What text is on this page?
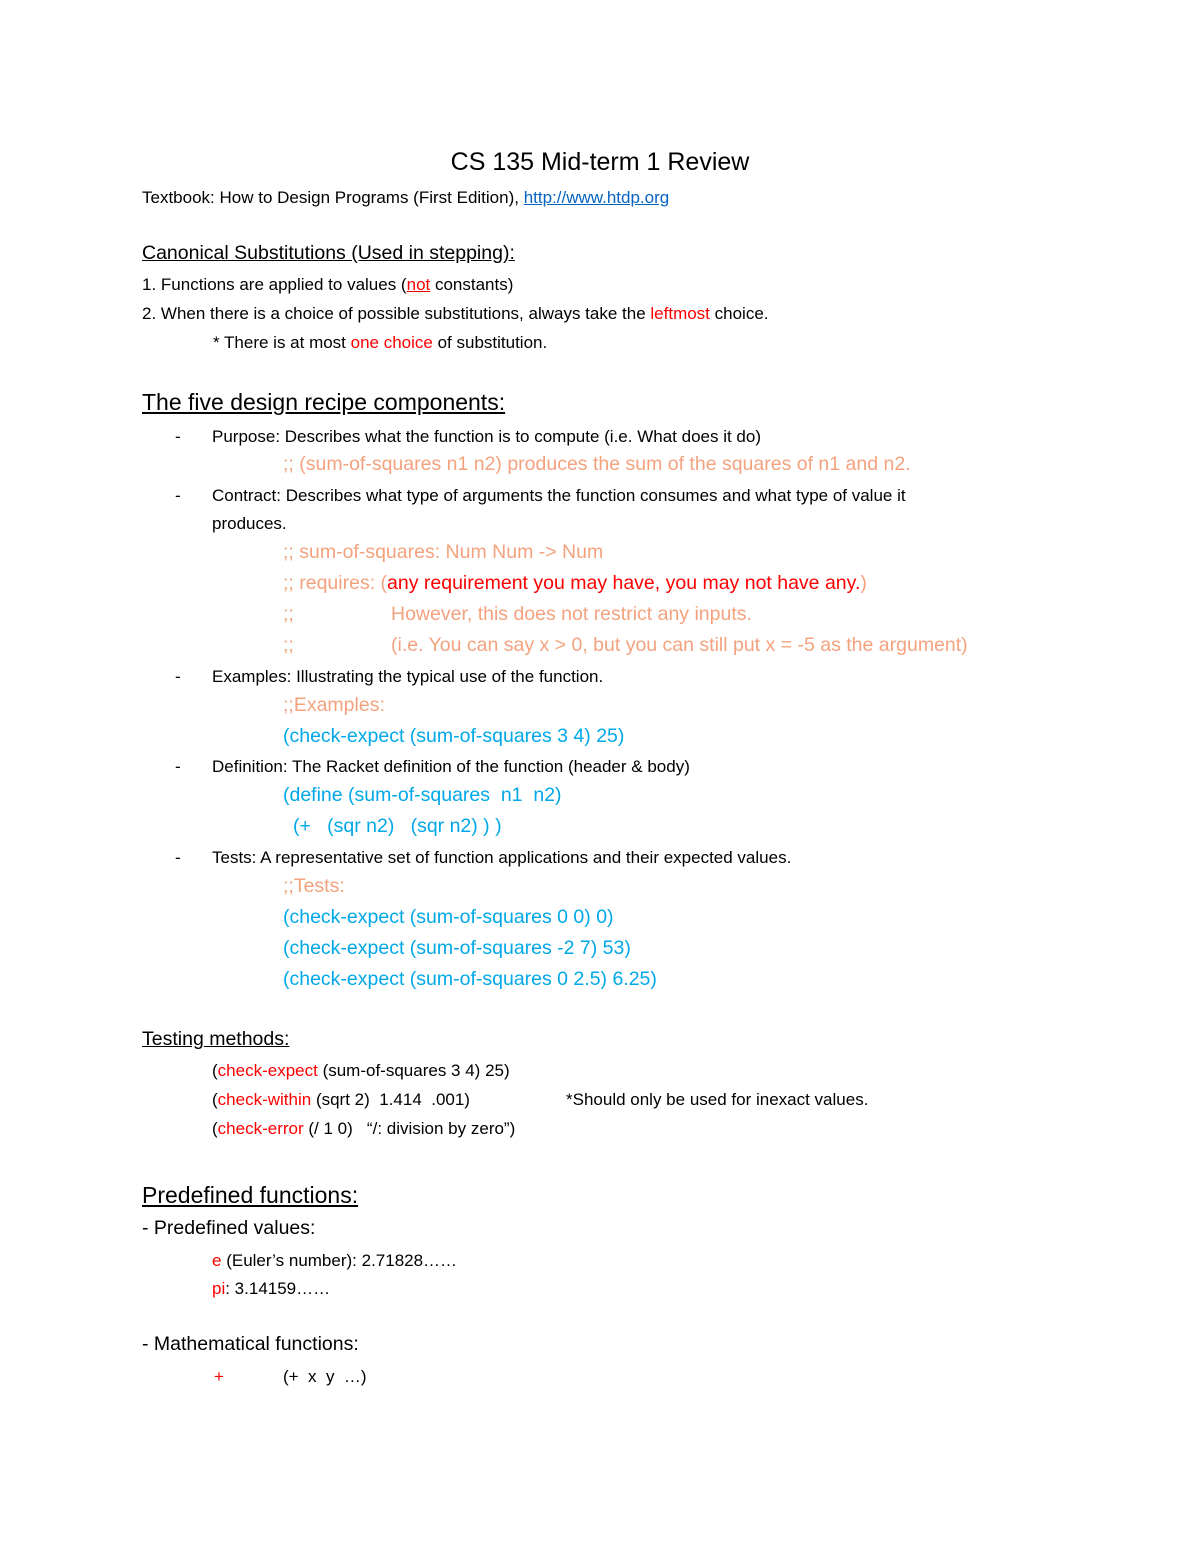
CS 135 Mid-term 1 Review
Textbook: How to Design Programs (First Edition), http://www.htdp.org
Canonical Substitutions (Used in stepping):
1. Functions are applied to values (not constants)
2. When there is a choice of possible substitutions, always take the leftmost choice.
* There is at most one choice of substitution.
The five design recipe components:
- Purpose: Describes what the function is to compute (i.e. What does it do)
;; (sum-of-squares n1 n2) produces the sum of the squares of n1 and n2.
- Contract: Describes what type of arguments the function consumes and what type of value it
produces.
;; sum-of-squares: Num Num -> Num
;; requires: (any requirement you may have, you may not have any.)
;;	However, this does not restrict any inputs.
;;	(i.e. You can say x > 0, but you can still put x = -5 as the argument)
- Examples: Illustrating the typical use of the function.
;;Examples:
(check-expect (sum-of-squares 3 4) 25)
- Definition: The Racket definition of the function (header & body)
(define (sum-of-squares  n1  n2)
(+   (sqr n2)   (sqr n2) ) )
- Tests: A representative set of function applications and their expected values.
;;Tests:
(check-expect (sum-of-squares 0 0) 0)
(check-expect (sum-of-squares -2 7) 53)
(check-expect (sum-of-squares 0 2.5) 6.25)
Testing methods:
(check-expect (sum-of-squares 3 4) 25)
(check-within (sqrt 2)  1.414  .001)	*Should only be used for inexact values.
(check-error (/ 1 0)   “/: division by zero”)
Predefined functions:
- Predefined values:
e (Euler’s number): 2.71828……
pi: 3.14159……
- Mathematical functions:
+	(+  x  y  …)
